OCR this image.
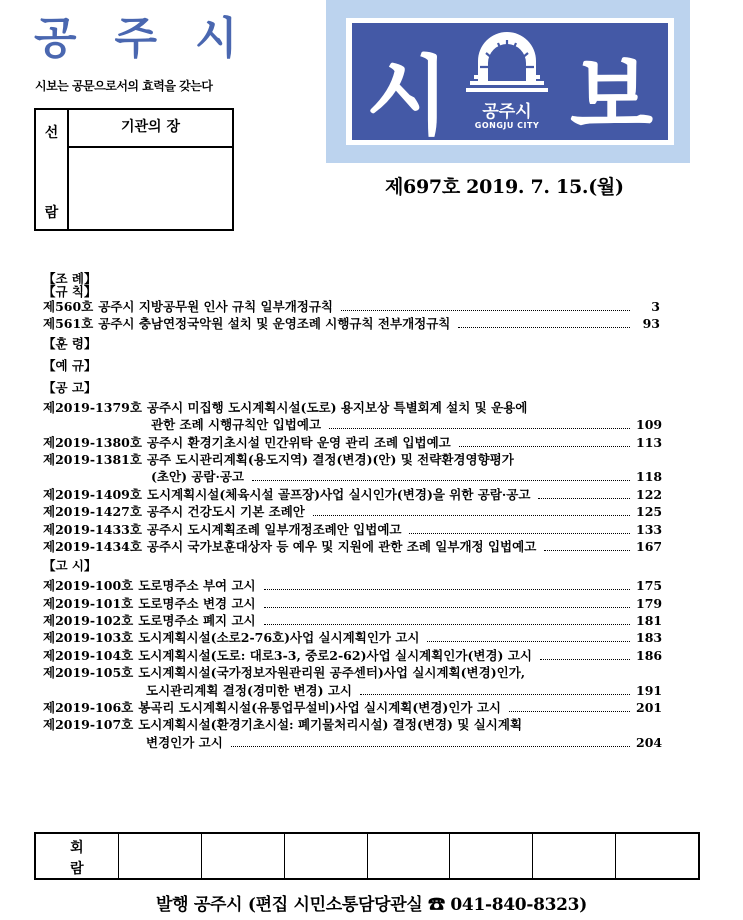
공주시
시보는 공문으로서의 효력을 갖는다
선
람
기관의 장	시	공주시
GONGJU CITY 보
제697호 2019. 7. 15.(월)
【조 례】
【규 칙】
제560호 공주시 지방공무원 인사 규칙 일부개정규칙	3
제561호 공주시 충남연정국악원 설치 및 운영조례 시행규칙 전부개정규칙	93
【훈 령】
【예 규】
【공 고】
제2019-1379호 공주시 미집행 도시계획시설(도로) 용지보상 특별회계 설치 및 운용에
관한 조례 시행규칙안 입법예고	109
제2019-1380호 공주시 환경기초시설 민간위탁 운영 관리 조례 입법예고	113
제2019-1381호 공주 도시관리계획(용도지역) 결정(변경)(안) 및 전략환경영향평가
(초안) 공람·공고	118
제2019-1409호 도시계획시설(체육시설 골프장)사업 실시인가(변경)을 위한 공람·공고	122
제2019-1427호 공주시 건강도시 기본 조례안	125
제2019-1433호 공주시 도시계획조례 일부개정조례안 입법예고	133
제2019-1434호 공주시 국가보훈대상자 등 예우 및 지원에 관한 조례 일부개정 입법예고	167
【고 시】
제2019-100호 도로명주소 부여 고시	175
제2019-101호 도로명주소 변경 고시	179
제2019-102호 도로명주소 폐지 고시	181
제2019-103호 도시계획시설(소로2-76호)사업 실시계획인가 고시	183
제2019-104호 도시계획시설(도로: 대로3-3, 중로2-62)사업 실시계획인가(변경) 고시	186
제2019-105호 도시계획시설(국가정보자원관리원 공주센터)사업 실시계획(변경)인가,
도시관리계획 결정(경미한 변경) 고시	191
제2019-106호 봉곡리 도시계획시설(유통업무설비)사업 실시계획(변경)인가 고시	201
제2019-107호 도시계획시설(환경기초시설: 폐기물처리시설) 결정(변경) 및 실시계획
변경인가 고시	204
회
람
발행 공주시 (편집 시민소통담당관실 ☎ 041-840-8323)
